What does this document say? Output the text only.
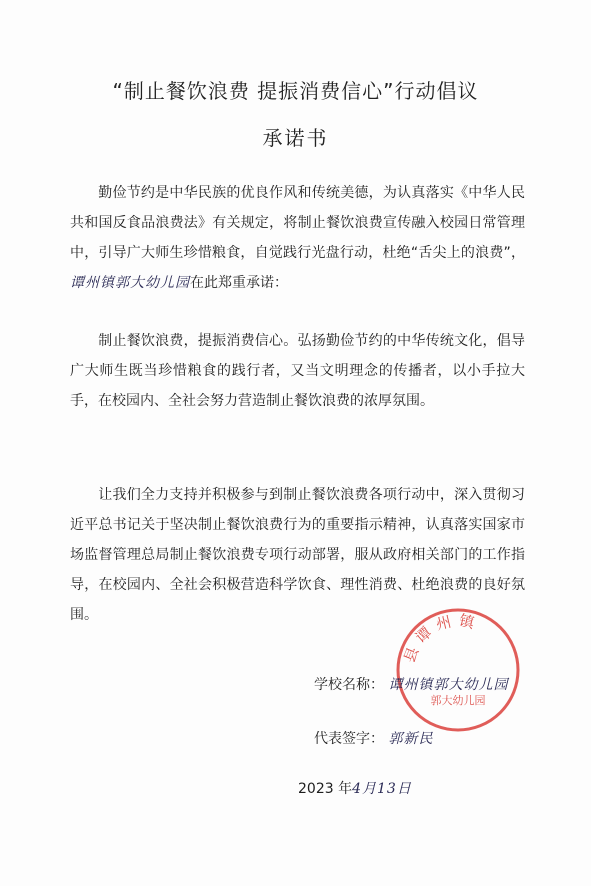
“制止餐饮浪费 提振消费信心”行动倡议
承诺书
勤俭节约是中华民族的优良作风和传统美德，为认真落实《中华人民共和国反食品浪费法》有关规定，将制止餐饮浪费宣传融入校园日常管理中，引导广大师生珍惜粮食，自觉践行光盘行动，杜绝“舌尖上的浪费”，谭州镇郭大幼儿园在此郑重承诺：
制止餐饮浪费，提振消费信心。弘扬勤俭节约的中华传统文化，倡导广大师生既当珍惜粮食的践行者，又当文明理念的传播者，以小手拉大手，在校园内、全社会努力营造制止餐饮浪费的浓厚氛围。
让我们全力支持并积极参与到制止餐饮浪费各项行动中，深入贯彻习近平总书记关于坚决制止餐饮浪费行为的重要指示精神，认真落实国家市场监督管理总局制止餐饮浪费专项行动部署，服从政府相关部门的工作指导，在校园内、全社会积极营造科学饮食、理性消费、杜绝浪费的良好氛围。
县谭州镇
郭大幼儿园
学校名称： 谭州镇郭大幼儿园
代表签字： 郭新民
2023 年4月13日
